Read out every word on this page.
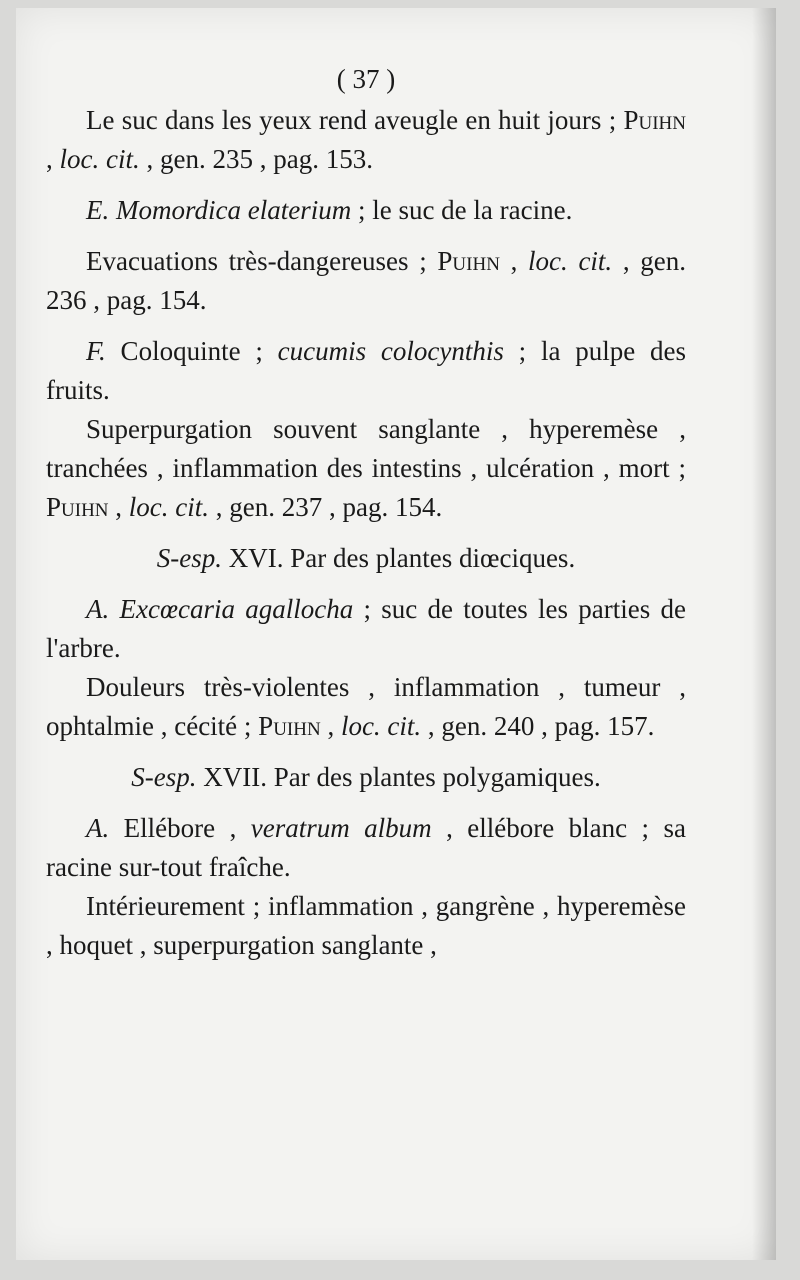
( 37 )

Le suc dans les yeux rend aveugle en huit jours ; Puihn , loc. cit. , gen. 235 , pag. 153.

E. Momordica elaterium ; le suc de la racine.

Evacuations très-dangereuses ; Puihn , loc. cit. , gen. 236 , pag. 154.

F. Coloquinte ; cucumis colocynthis ; la pulpe des fruits.

Superpurgation souvent sanglante , hyperemèse , tranchées , inflammation des intestins , ulcération , mort ; Puihn , loc. cit. , gen. 237 , pag. 154.

S-esp. XVI. Par des plantes diœciques.

A. Excœcaria agallocha ; suc de toutes les parties de l'arbre.

Douleurs très-violentes , inflammation , tumeur , ophtalmie , cécité ; Puihn , loc. cit. , gen. 240 , pag. 157.

S-esp. XVII. Par des plantes polygamiques.

A. Ellébore , veratrum album , ellébore blanc ; sa racine sur-tout fraîche.

Intérieurement ; inflammation , gangrène , hyperemèse , hoquet , superpurgation sanglante ,
